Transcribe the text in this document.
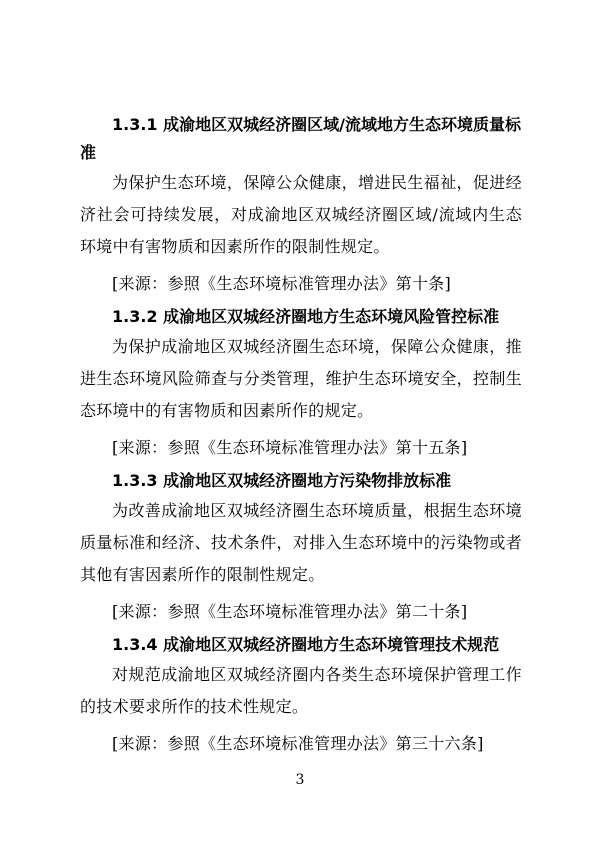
1.3.1 成渝地区双城经济圈区域/流域地方生态环境质量标准

为保护生态环境，保障公众健康，增进民生福祉，促进经济社会可持续发展，对成渝地区双城经济圈区域/流域内生态环境中有害物质和因素所作的限制性规定。

[来源：参照《生态环境标准管理办法》第十条]

1.3.2 成渝地区双城经济圈地方生态环境风险管控标准

为保护成渝地区双城经济圈生态环境，保障公众健康，推进生态环境风险筛查与分类管理，维护生态环境安全，控制生态环境中的有害物质和因素所作的规定。

[来源：参照《生态环境标准管理办法》第十五条]

1.3.3 成渝地区双城经济圈地方污染物排放标准

为改善成渝地区双城经济圈生态环境质量，根据生态环境质量标准和经济、技术条件，对排入生态环境中的污染物或者其他有害因素所作的限制性规定。

[来源：参照《生态环境标准管理办法》第二十条]

1.3.4 成渝地区双城经济圈地方生态环境管理技术规范

对规范成渝地区双城经济圈内各类生态环境保护管理工作的技术要求所作的技术性规定。

[来源：参照《生态环境标准管理办法》第三十六条]

3
